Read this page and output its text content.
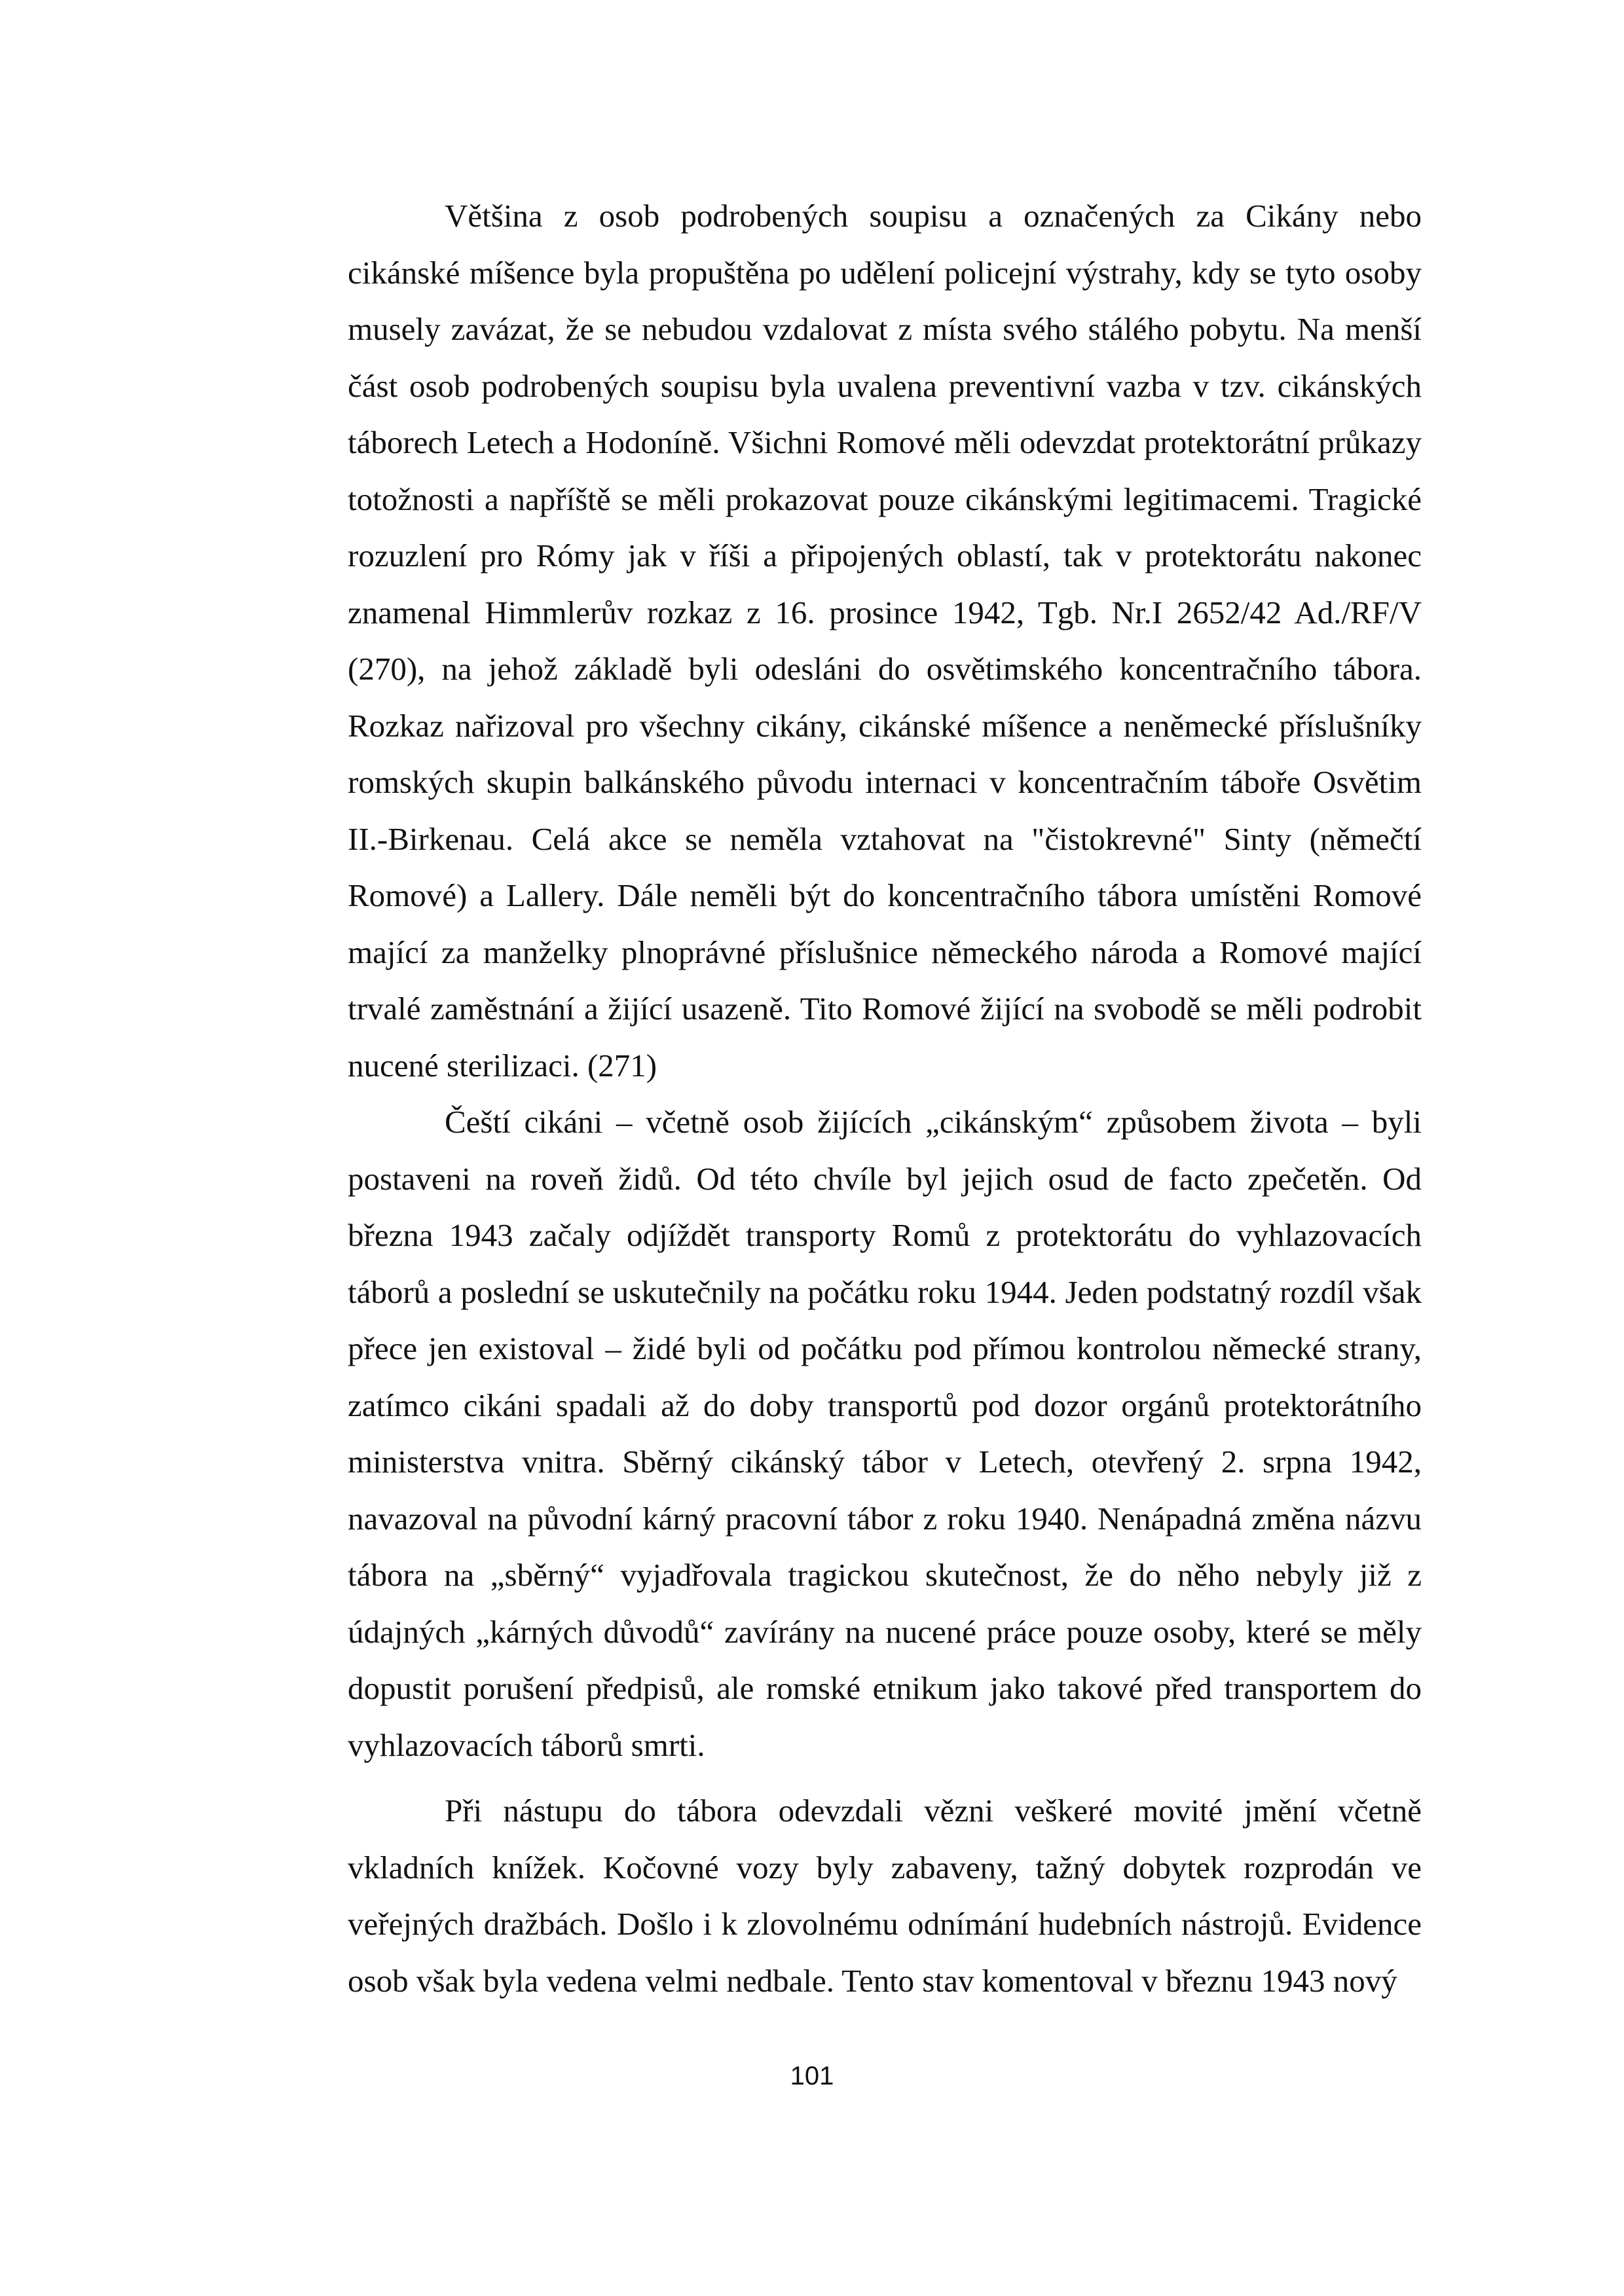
Většina z osob podrobených soupisu a označených za Cikány nebo cikánské míšence byla propuštěna po udělení policejní výstrahy, kdy se tyto osoby musely zavázat, že se nebudou vzdalovat z místa svého stálého pobytu. Na menší část osob podrobených soupisu byla uvalena preventivní vazba v tzv. cikánských táborech Letech a Hodoníně. Všichni Romové měli odevzdat protektorátní průkazy totožnosti a napříště se měli prokazovat pouze cikánskými legitimacemi. Tragické rozuzlení pro Rómy jak v říši a připojených oblastí, tak v protektorátu nakonec znamenal Himmlerův rozkaz z 16. prosince 1942, Tgb. Nr.I 2652/42 Ad./RF/V (270), na jehož základě byli odesláni do osvětimského koncentračního tábora. Rozkaz nařizoval pro všechny cikány, cikánské míšence a neněmecké příslušníky romských skupin balkánského původu internaci v koncentračním táboře Osvětim II.-Birkenau. Celá akce se neměla vztahovat na "čistokrevné" Sinty (němečtí Romové) a Lallery. Dále neměli být do koncentračního tábora umístěni Romové mající za manželky plnoprávné příslušnice německého národa a Romové mající trvalé zaměstnání a žijící usazeně. Tito Romové žijící na svobodě se měli podrobit nucené sterilizaci. (271)

Čeští cikáni – včetně osob žijících „cikánským“ způsobem života – byli postaveni na roveň židů. Od této chvíle byl jejich osud de facto zpečetěn. Od března 1943 začaly odjíždět transporty Romů z protektorátu do vyhlazovacích táborů a poslední se uskutečnily na počátku roku 1944. Jeden podstatný rozdíl však přece jen existoval – židé byli od počátku pod přímou kontrolou německé strany, zatímco cikáni spadali až do doby transportů pod dozor orgánů protektorátního ministerstva vnitra. Sběrný cikánský tábor v Letech, otevřený 2. srpna 1942, navazoval na původní kárný pracovní tábor z roku 1940. Nenápadná změna názvu tábora na „sběrný“ vyjadřovala tragickou skutečnost, že do něho nebyly již z údajných „kárných důvodů“ zavírány na nucené práce pouze osoby, které se měly dopustit porušení předpisů, ale romské etnikum jako takové před transportem do vyhlazovacích táborů smrti.

Při nástupu do tábora odevzdali vězni veškeré movité jmění včetně vkladních knížek. Kočovné vozy byly zabaveny, tažný dobytek rozprodán ve veřejných dražbách. Došlo i k zlovolnému odnímání hudebních nástrojů. Evidence osob však byla vedena velmi nedbale. Tento stav komentoval v březnu 1943 nový

101
